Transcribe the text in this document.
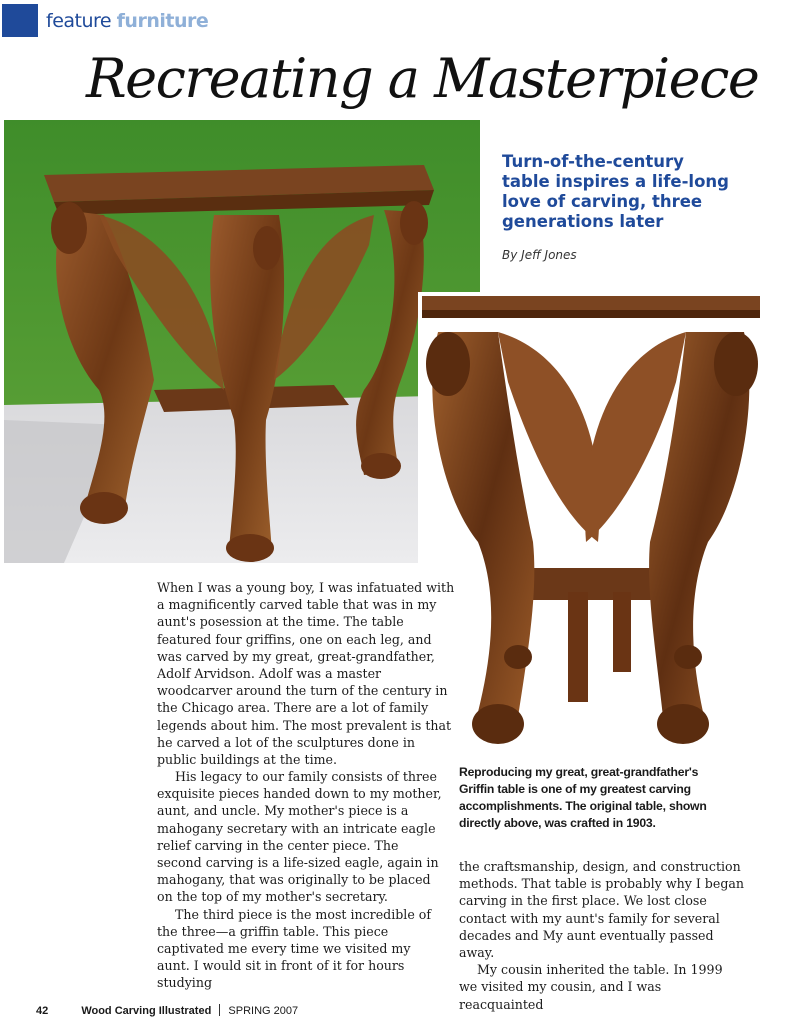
feature furniture
Recreating a Masterpiece
Turn-of-the-century table inspires a life-long love of carving, three generations later
By Jeff Jones
Reproducing my great, great-grandfather's Griffin table is one of my greatest carving accomplishments. The original table, shown directly above, was crafted in 1903.

When I was a young boy, I was infatuated with a magnificently carved table that was in my aunt's posession at the time. The table featured four griffins, one on each leg, and was carved by my great, great-grandfather, Adolf Arvidson. Adolf was a master woodcarver around the turn of the century in the Chicago area. There are a lot of family legends about him. The most prevalent is that he carved a lot of the sculptures done in public buildings at the time.

His legacy to our family consists of three exquisite pieces handed down to my mother, aunt, and uncle. My mother's piece is a mahogany secretary with an intricate eagle relief carving in the center piece. The second carving is a life-sized eagle, again in mahogany, that was originally to be placed on the top of my mother's secretary.

The third piece is the most incredible of the three—a griffin table. This piece captivated me every time we visited my aunt. I would sit in front of it for hours studying

the craftsmanship, design, and construction methods. That table is probably why I began carving in the first place. We lost close contact with my aunt's family for several decades and My aunt eventually passed away.

My cousin inherited the table. In 1999 we visited my cousin, and I was reacquainted

42	Wood Carving Illustrated SPRING 2007
